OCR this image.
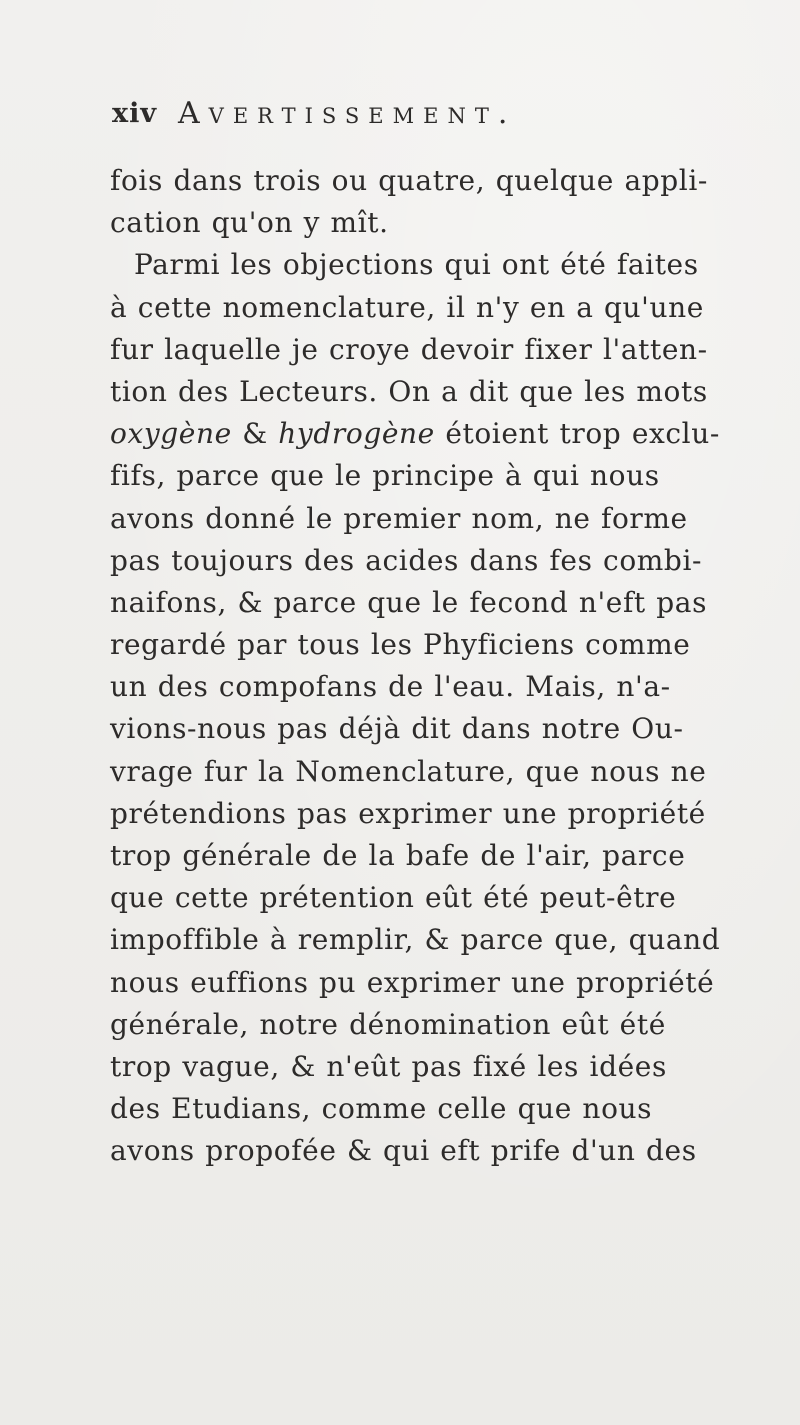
xiv Avertissement.
fois dans trois ou quatre, quelque appli-
cation qu'on y mît.
Parmi les objections qui ont été faites
à cette nomenclature, il n'y en a qu'une
fur laquelle je croye devoir fixer l'atten-
tion des Lecteurs. On a dit que les mots
oxygène & hydrogène étoient trop exclu-
fifs, parce que le principe à qui nous
avons donné le premier nom, ne forme
pas toujours des acides dans fes combi-
naifons, & parce que le fecond n'eft pas
regardé par tous les Phyficiens comme
un des compofans de l'eau. Mais, n'a-
vions-nous pas déjà dit dans notre Ou-
vrage fur la Nomenclature, que nous ne
prétendions pas exprimer une propriété
trop générale de la bafe de l'air, parce
que cette prétention eût été peut-être
impoffible à remplir, & parce que, quand
nous euffions pu exprimer une propriété
générale, notre dénomination eût été
trop vague, & n'eût pas fixé les idées
des Etudians, comme celle que nous
avons propofée & qui eft prife d'un des
